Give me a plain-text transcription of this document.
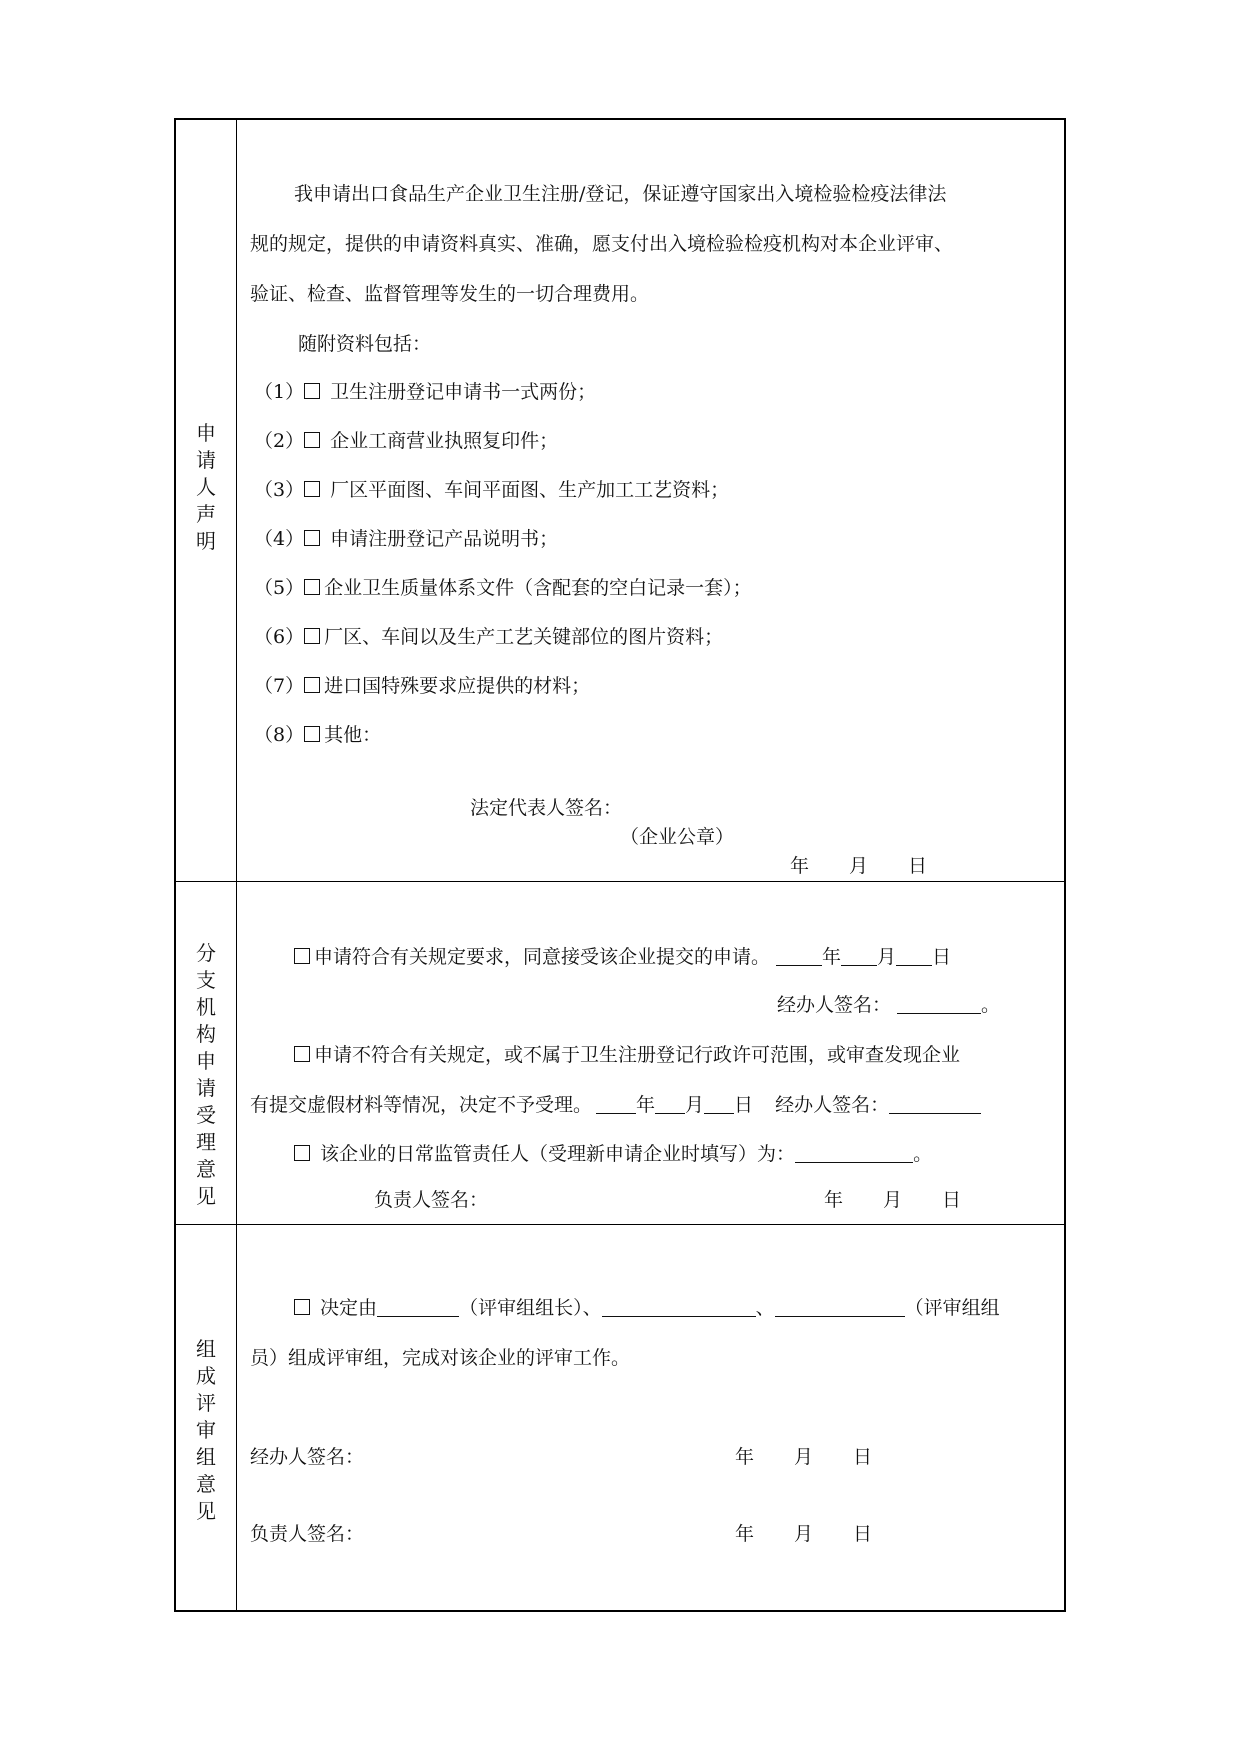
申
请
人
声
明
我申请出口食品生产企业卫生注册/登记，保证遵守国家出入境检验检疫法律法
规的规定，提供的申请资料真实、准确，愿支付出入境检验检疫机构对本企业评审、
验证、检查、监督管理等发生的一切合理费用。
随附资料包括：
（1） 卫生注册登记申请书一式两份；
（2） 企业工商营业执照复印件；
（3） 厂区平面图、车间平面图、生产加工工艺资料；
（4） 申请注册登记产品说明书；
（5） 企业卫生质量体系文件（含配套的空白记录一套）；
（6） 厂区、车间以及生产工艺关键部位的图片资料；
（7） 进口国特殊要求应提供的材料；
（8） 其他：
法定代表人签名：
（企业公章）
年 月 日
分
支
机
构
申
请
受
理
意
见
申请符合有关规定要求，同意接受该企业提交的申请。	年 月 日
经办人签名：	。
申请不符合有关规定，或不属于卫生注册登记行政许可范围，或审查发现企业
有提交虚假材料等情况，决定不予受理。 年 月 日 经办人签名：
该企业的日常监管责任人（受理新申请企业时填写）为：	。
负责人签名：	年 月 日
组
成
评
审
组
意
见
决定由	（评审组组长）、	、	（评审组组
员）组成评审组，完成对该企业的评审工作。
经办人签名：	年 月 日
负责人签名：	年 月 日
